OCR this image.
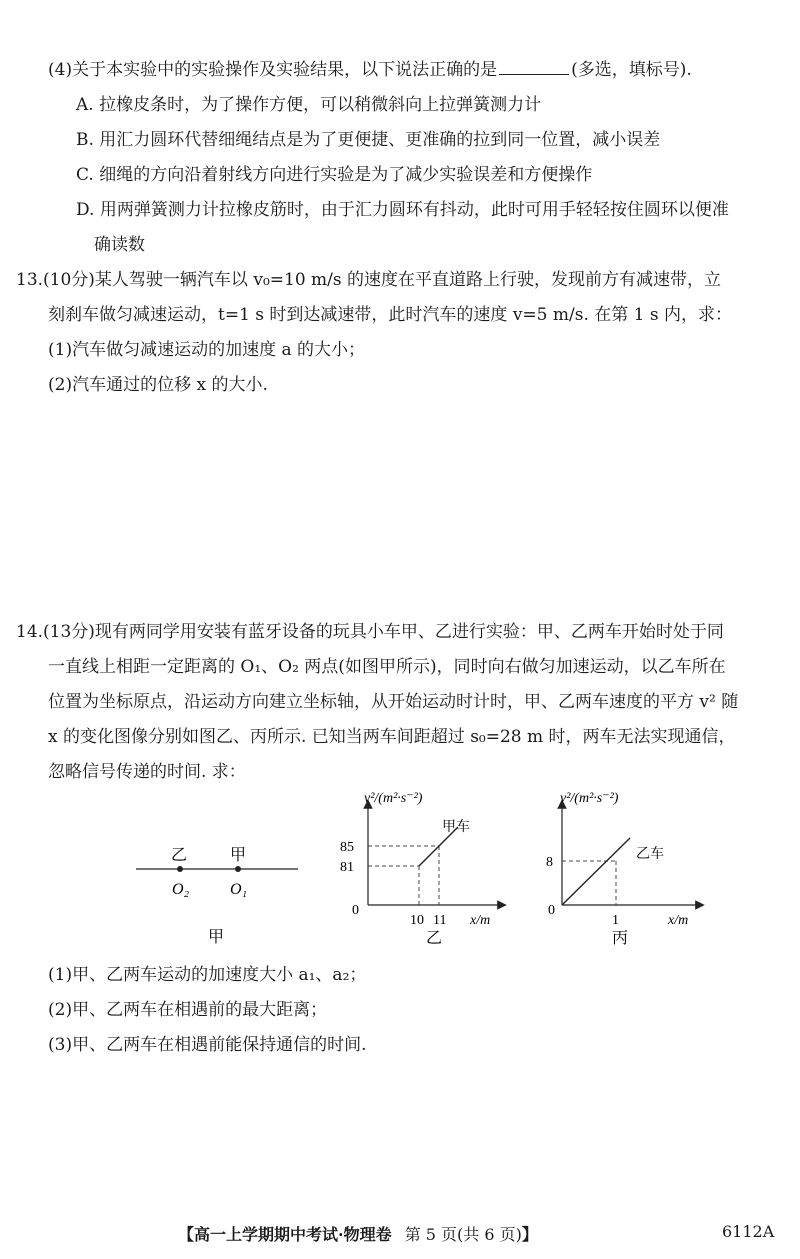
(4)关于本实验中的实验操作及实验结果，以下说法正确的是	(多选，填标号).
A. 拉橡皮条时，为了操作方便，可以稍微斜向上拉弹簧测力计
B. 用汇力圆环代替细绳结点是为了更便捷、更准确的拉到同一位置，减小误差
C. 细绳的方向沿着射线方向进行实验是为了减少实验误差和方便操作
D. 用两弹簧测力计拉橡皮筋时，由于汇力圆环有抖动，此时可用手轻轻按住圆环以便准
确读数
13.(10分)某人驾驶一辆汽车以 v₀=10 m/s 的速度在平直道路上行驶，发现前方有减速带，立
刻刹车做匀减速运动，t=1 s 时到达减速带，此时汽车的速度 v=5 m/s. 在第 1 s 内，求：
(1)汽车做匀减速运动的加速度 a 的大小；
(2)汽车通过的位移 x 的大小.
14.(13分)现有两同学用安装有蓝牙设备的玩具小车甲、乙进行实验：甲、乙两车开始时处于同
一直线上相距一定距离的 O₁、O₂ 两点(如图甲所示)，同时向右做匀加速运动，以乙车所在
位置为坐标原点，沿运动方向建立坐标轴，从开始运动时计时，甲、乙两车速度的平方 v² 随
x 的变化图像分别如图乙、丙所示. 已知当两车间距超过 s₀=28 m 时，两车无法实现通信，
忽略信号传递的时间. 求：
乙	甲
O₂	O₁
甲
v²/(m²·s⁻²)
x/m
0
85
81
10 11
甲车
乙
v²/(m²·s⁻²)
x/m
0
8
1
乙车
丙
(1)甲、乙两车运动的加速度大小 a₁、a₂；
(2)甲、乙两车在相遇前的最大距离；
(3)甲、乙两车在相遇前能保持通信的时间.
【高一上学期期中考试·物理卷 第 5 页(共 6 页)】	6112A
